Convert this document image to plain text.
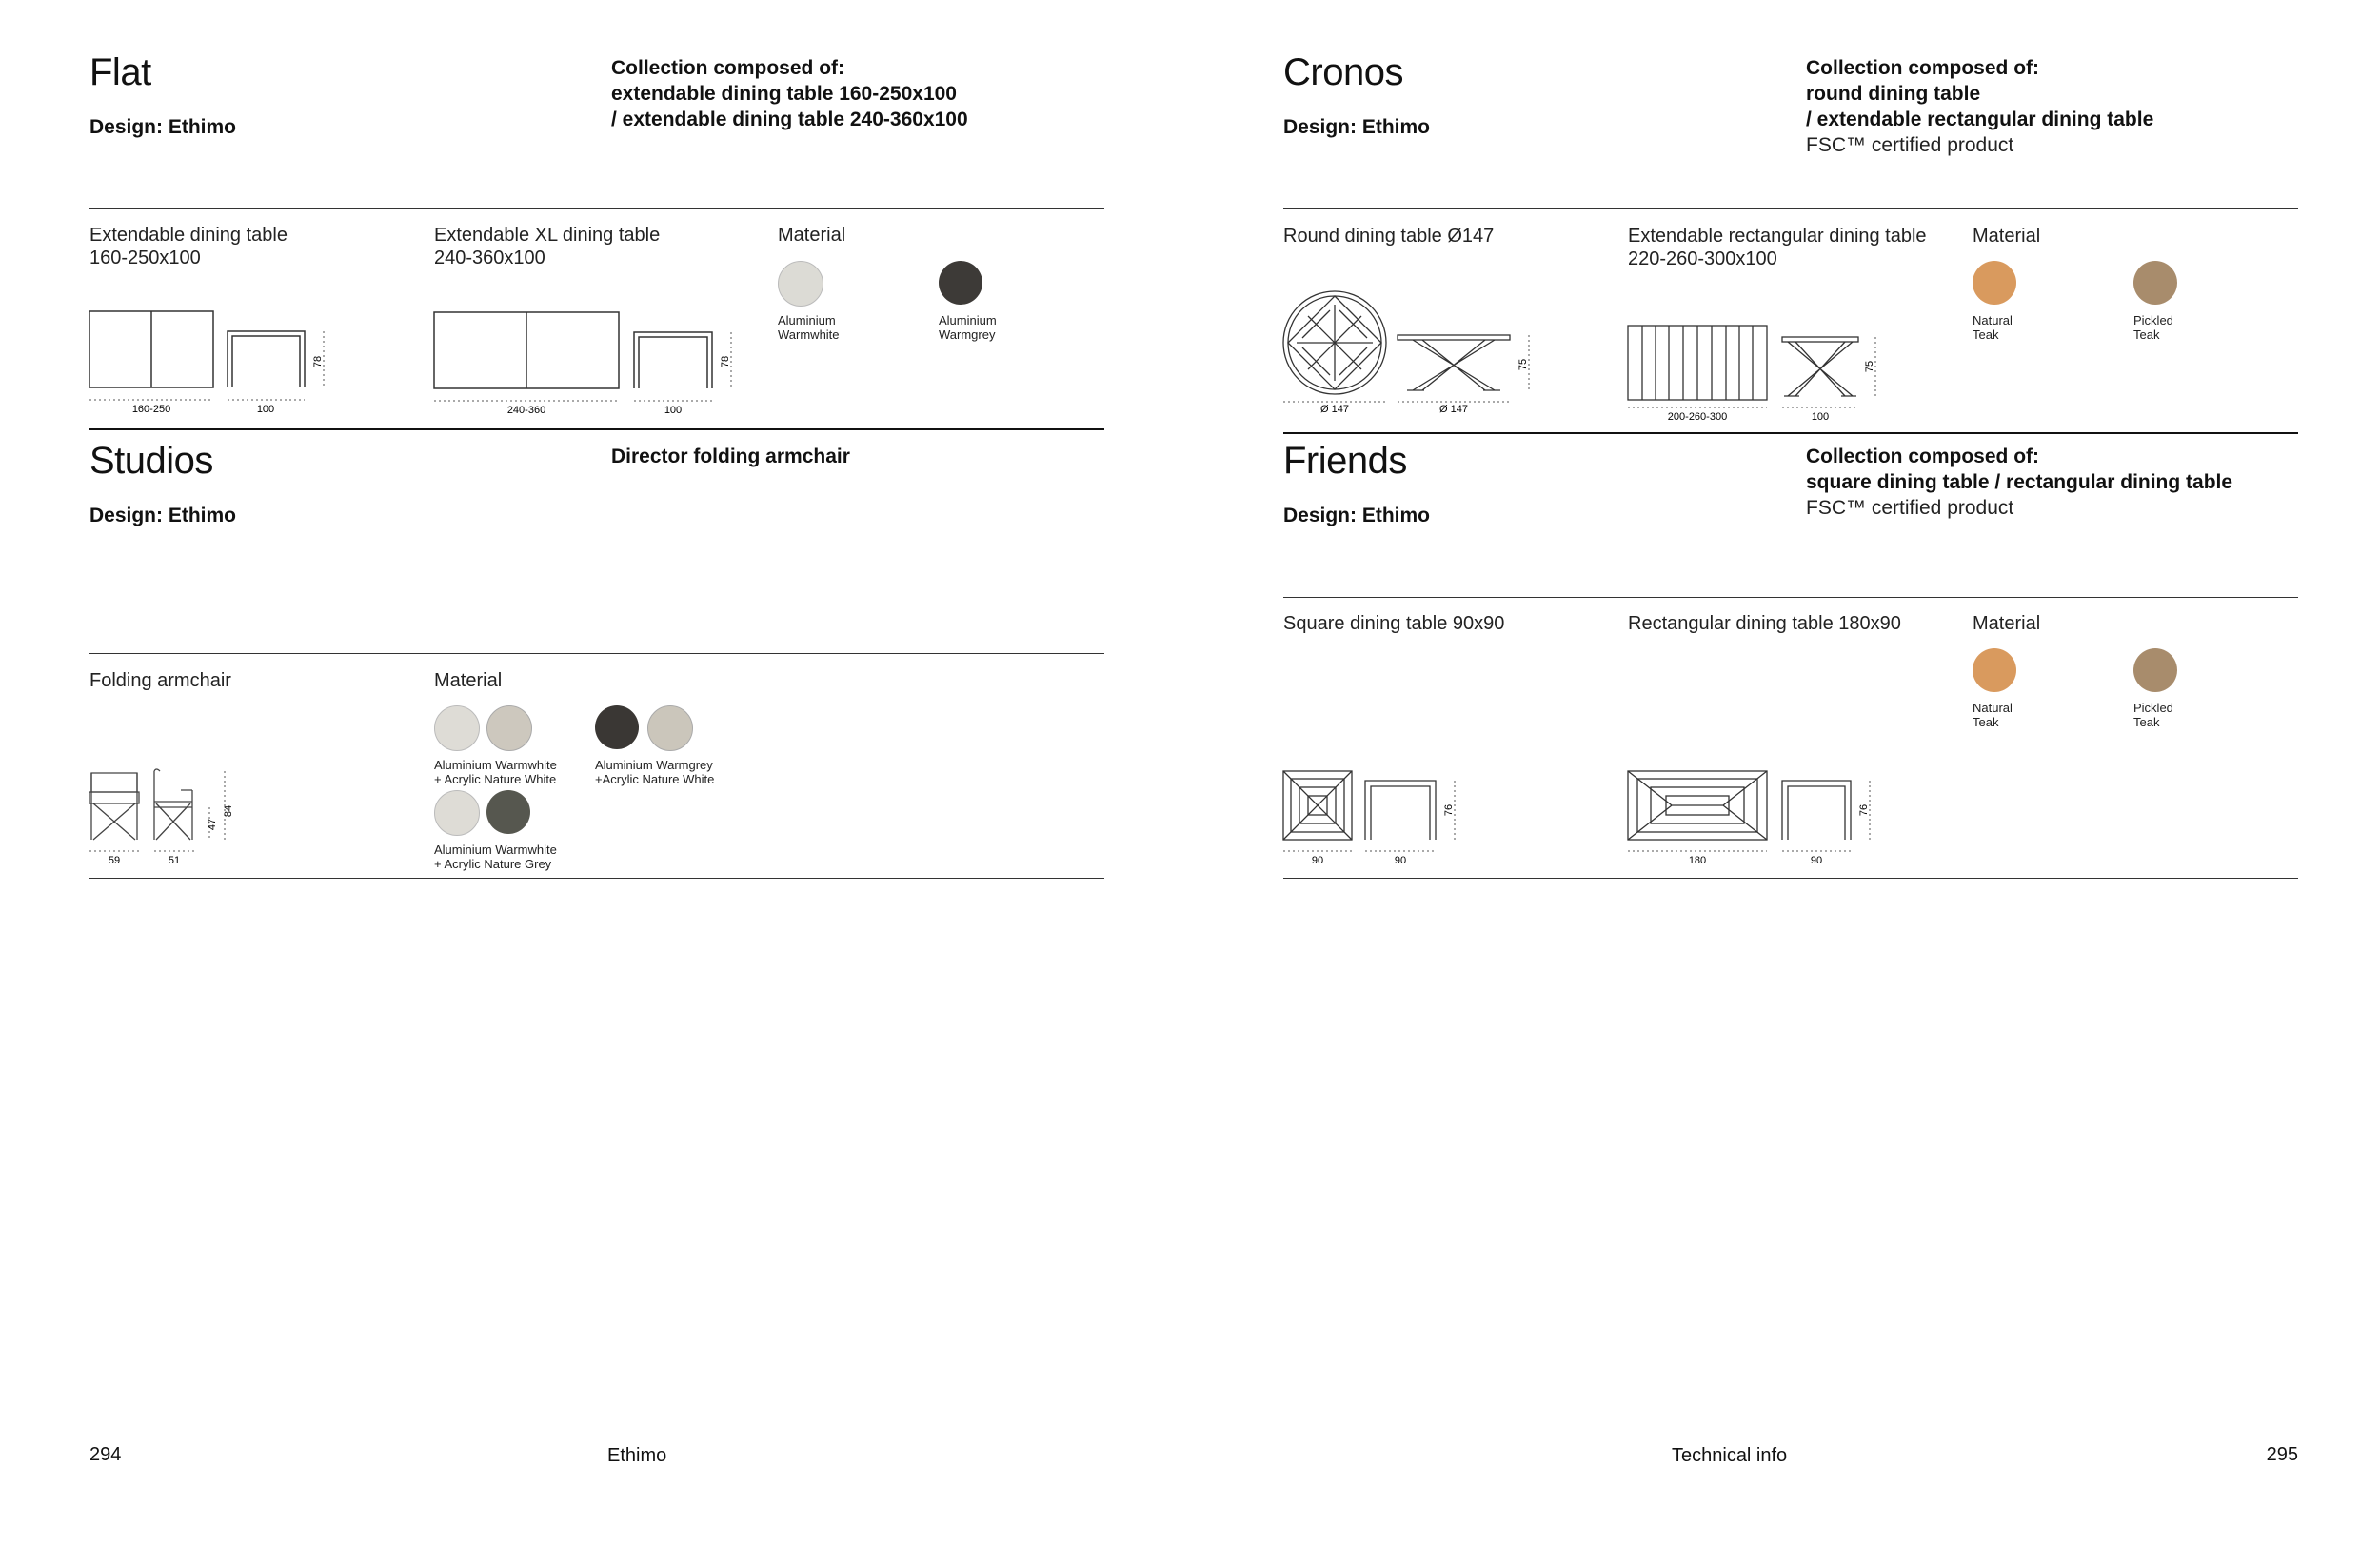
Flat
Design: Ethimo
Collection composed of:
extendable dining table 160-250x100
/ extendable dining table 240-360x100
Extendable dining table
160-250x100
Extendable XL dining table
240-360x100
Material
Aluminium
Warmwhite
Aluminium
Warmgrey
160-250	100
78
240-360	100
78
Studios
Design: Ethimo
Director folding armchair
Folding armchair	Material
Aluminium Warmwhite
+ Acrylic Nature White
Aluminium Warmgrey
+Acrylic Nature White
Aluminium Warmwhite
+ Acrylic Nature Grey
59	51
47
84
Cronos
Design: Ethimo
Collection composed of:
round dining table
/ extendable rectangular dining table
FSC™ certified product
Round dining table Ø147	Extendable rectangular dining table
220-260-300x100
Material
Natural
Teak
Pickled
Teak
Ø 147	Ø 147
75
200-260-300	100
75
Friends
Design: Ethimo
Collection composed of:
square dining table / rectangular dining table
FSC™ certified product
Square dining table 90x90	Rectangular dining table 180x90	Material
Natural
Teak
Pickled
Teak
90	90
76
180	90
76
294	Ethimo	Technical info	295
